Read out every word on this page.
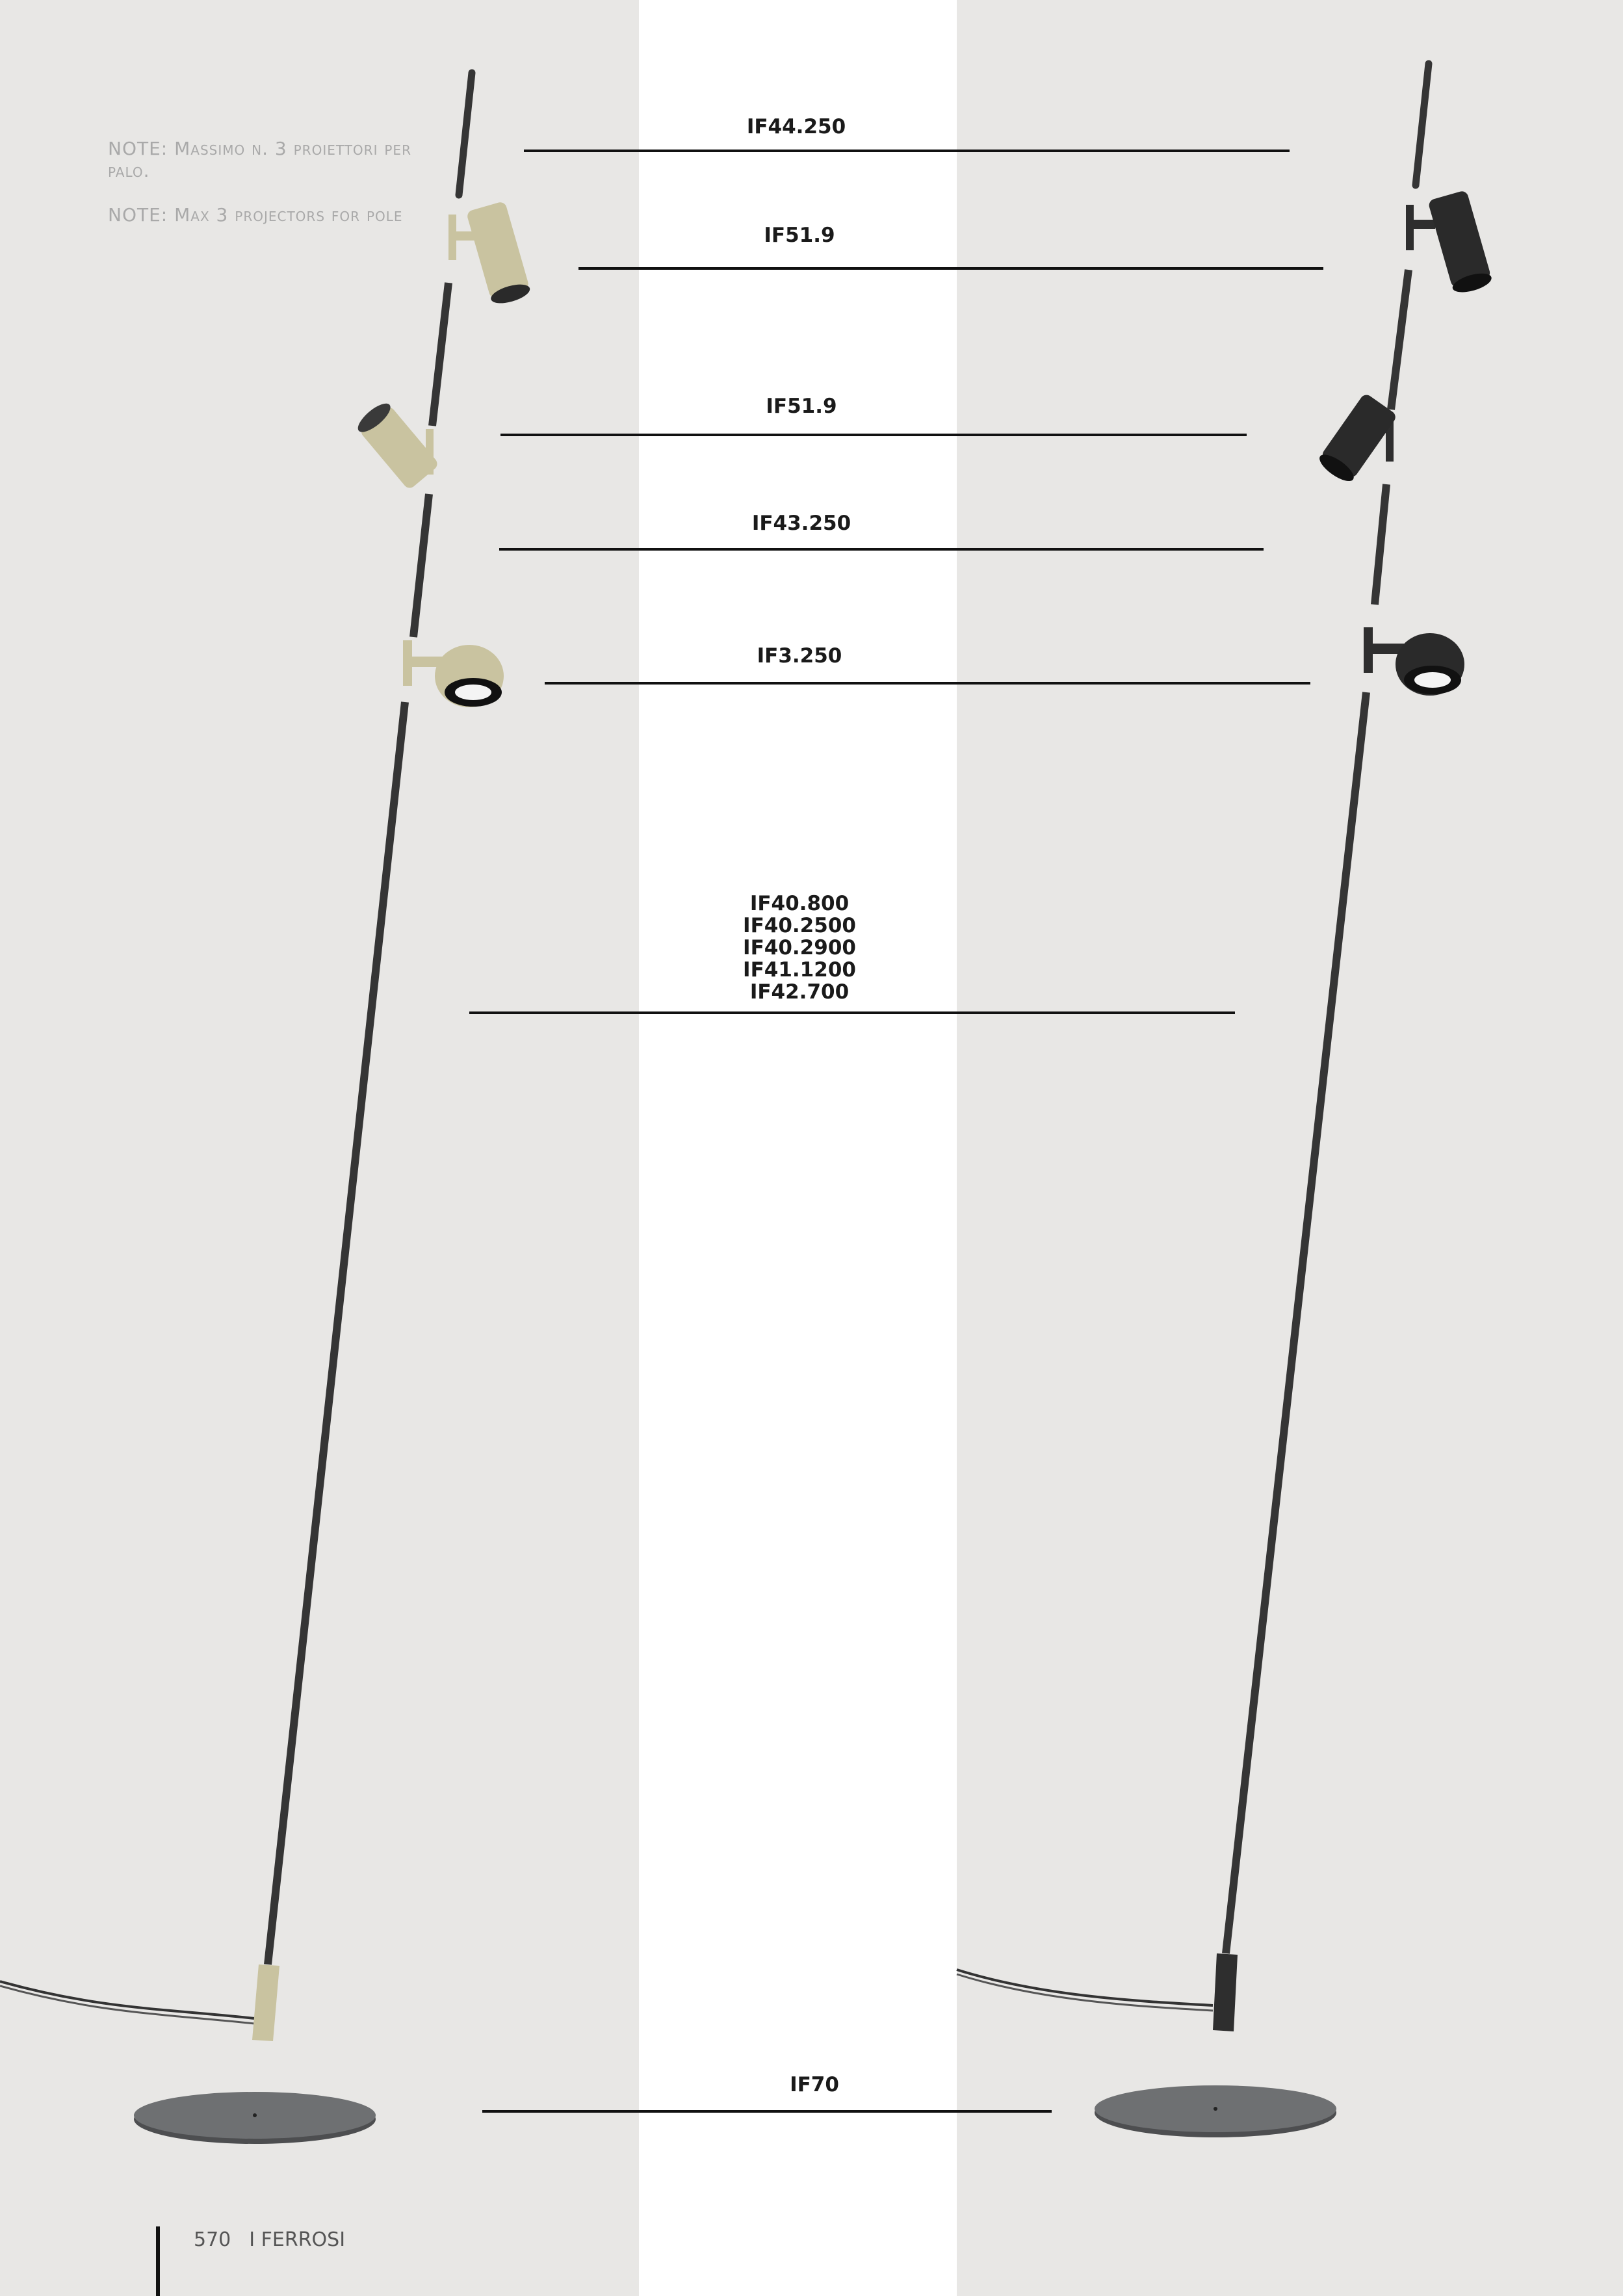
NOTE: Massimo n. 3 proiettori per palo.
NOTE: Max 3 projectors for pole
IF44.250
IF51.9
IF51.9
IF43.250
IF3.250
IF40.800
IF40.2500
IF40.2900
IF41.1200
IF42.700
IF70
570 I FERROSI
